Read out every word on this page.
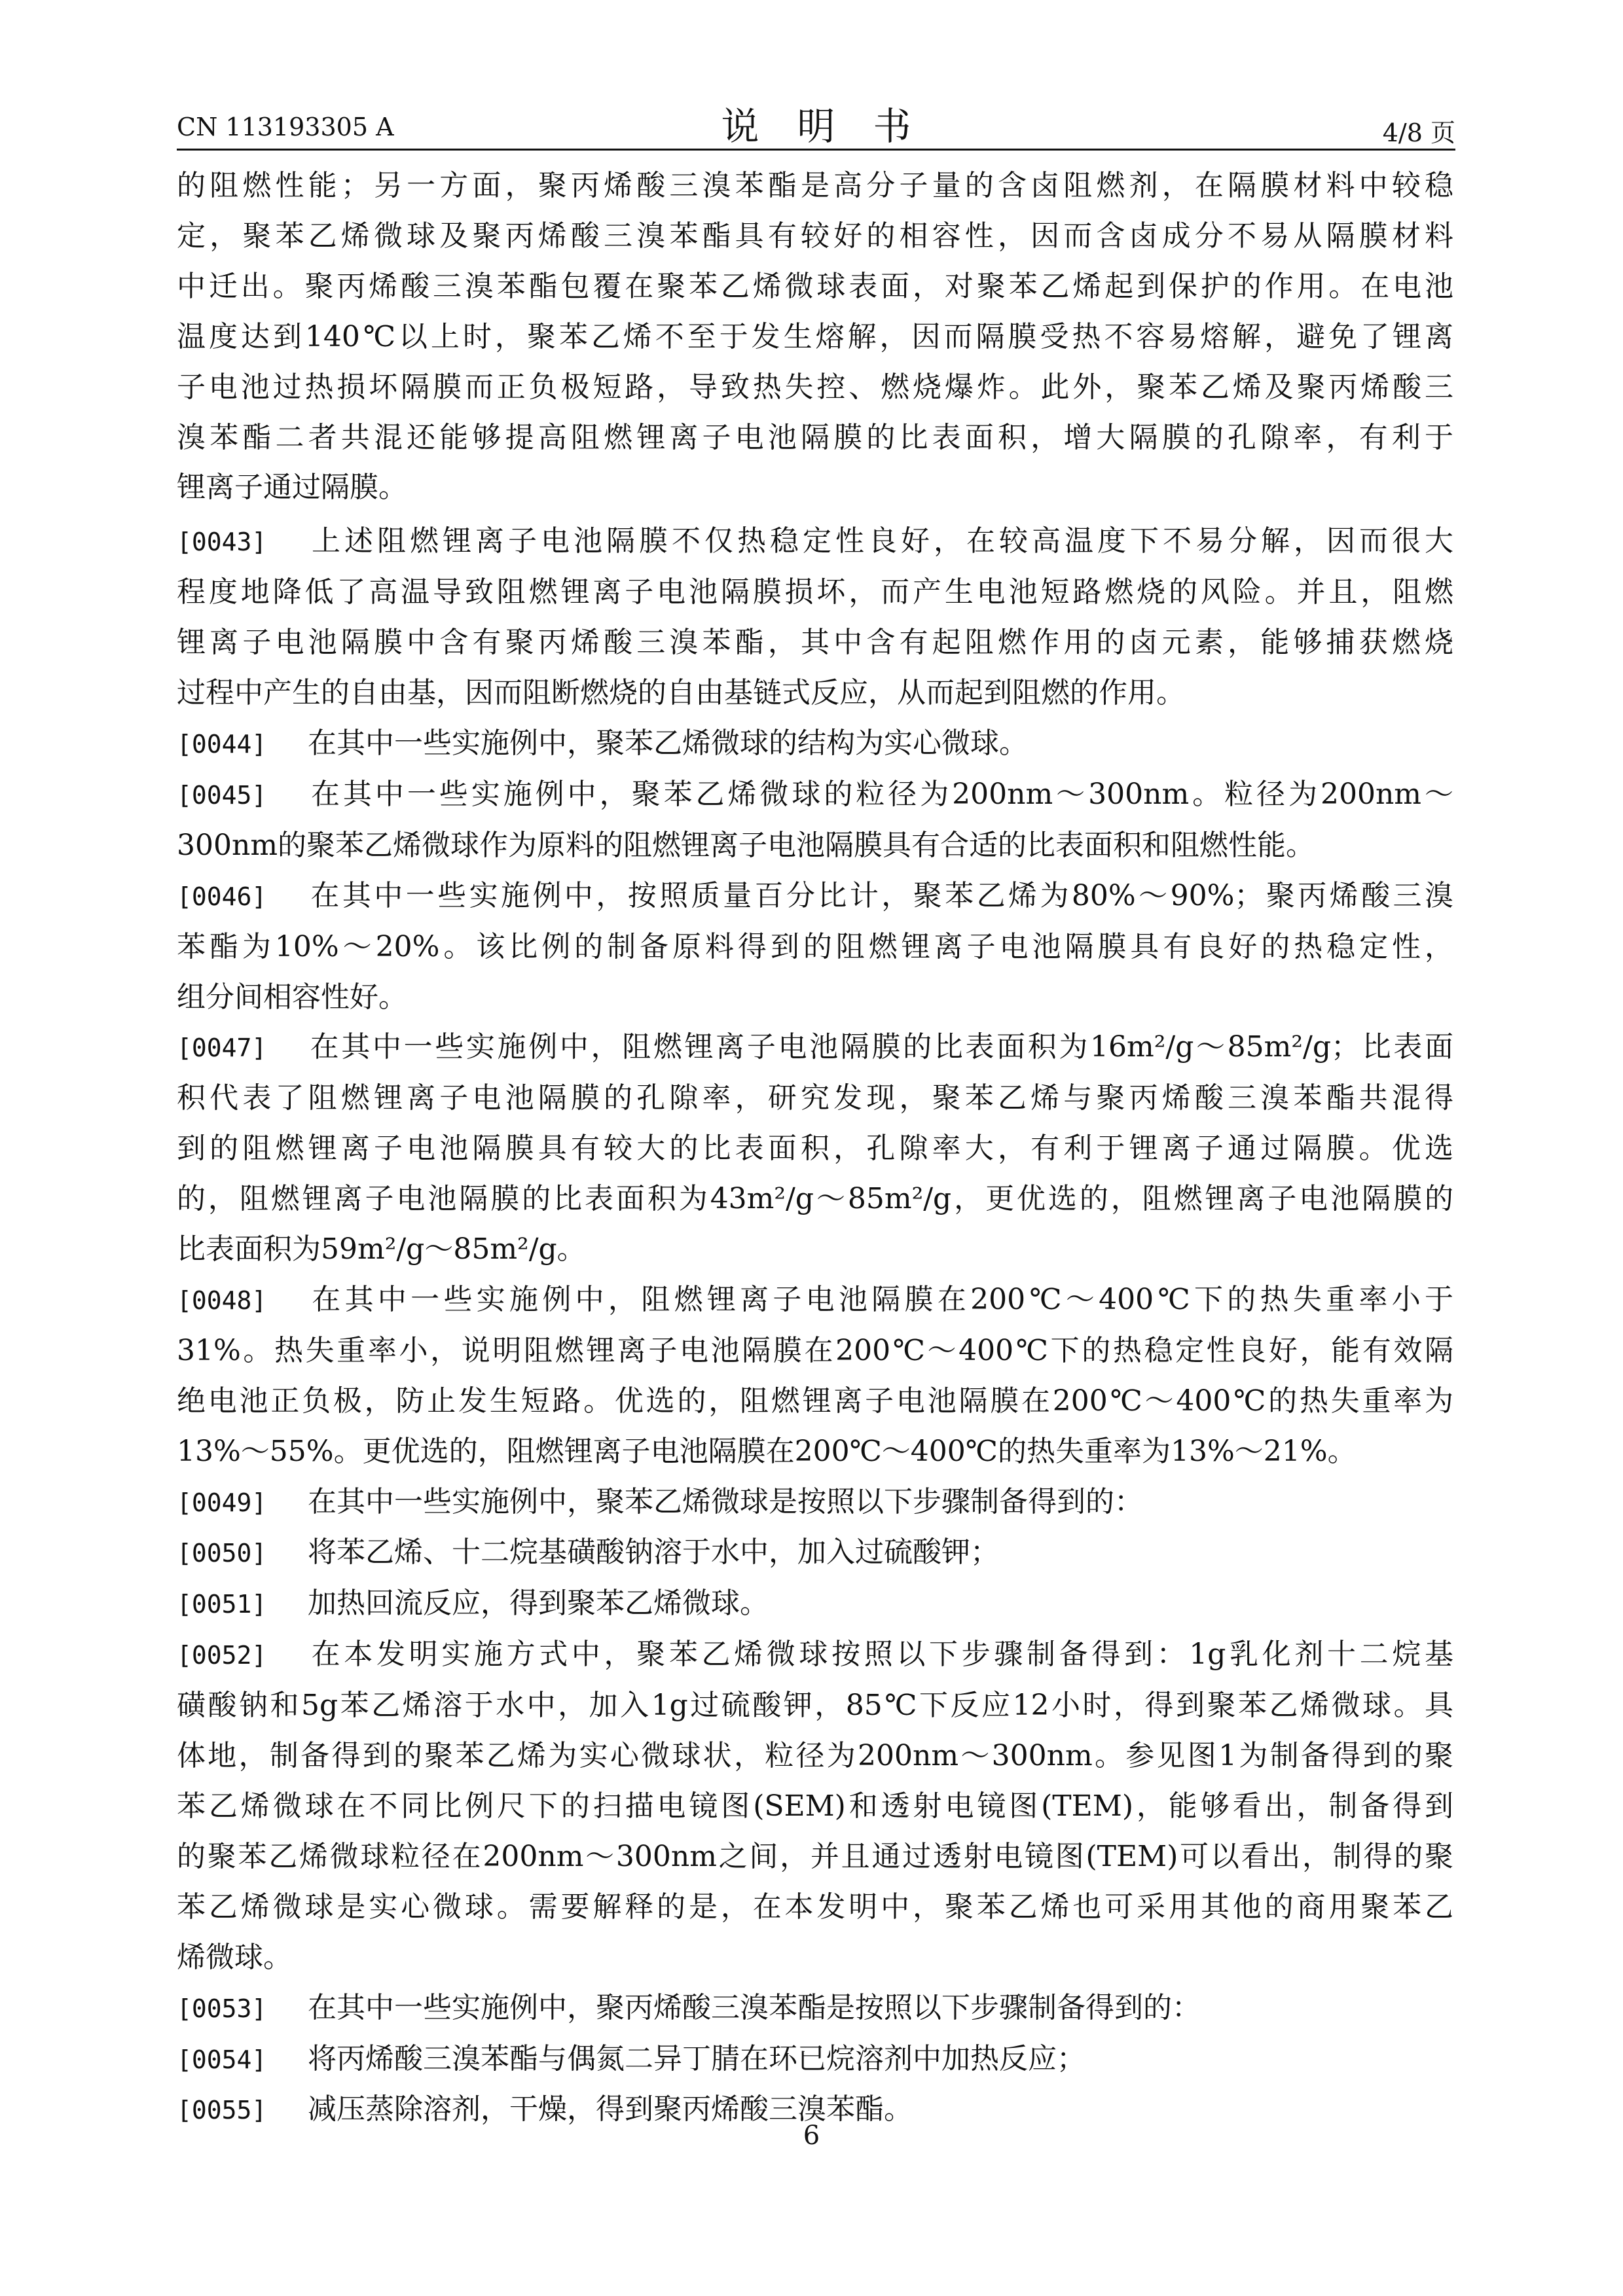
CN 113193305 A	说明书	4/8 页
的阻燃性能；另一方面，聚丙烯酸三溴苯酯是高分子量的含卤阻燃剂，在隔膜材料中较稳
定，聚苯乙烯微球及聚丙烯酸三溴苯酯具有较好的相容性，因而含卤成分不易从隔膜材料
中迁出。聚丙烯酸三溴苯酯包覆在聚苯乙烯微球表面，对聚苯乙烯起到保护的作用。在电池
温度达到140℃以上时，聚苯乙烯不至于发生熔解，因而隔膜受热不容易熔解，避免了锂离
子电池过热损坏隔膜而正负极短路，导致热失控、燃烧爆炸。此外，聚苯乙烯及聚丙烯酸三
溴苯酯二者共混还能够提高阻燃锂离子电池隔膜的比表面积，增大隔膜的孔隙率，有利于
锂离子通过隔膜。
[0043] 上述阻燃锂离子电池隔膜不仅热稳定性良好，在较高温度下不易分解，因而很大
程度地降低了高温导致阻燃锂离子电池隔膜损坏，而产生电池短路燃烧的风险。并且，阻燃
锂离子电池隔膜中含有聚丙烯酸三溴苯酯，其中含有起阻燃作用的卤元素，能够捕获燃烧
过程中产生的自由基，因而阻断燃烧的自由基链式反应，从而起到阻燃的作用。
[0044] 在其中一些实施例中，聚苯乙烯微球的结构为实心微球。
[0045] 在其中一些实施例中，聚苯乙烯微球的粒径为200nm～300nm。粒径为200nm～
300nm的聚苯乙烯微球作为原料的阻燃锂离子电池隔膜具有合适的比表面积和阻燃性能。
[0046] 在其中一些实施例中，按照质量百分比计，聚苯乙烯为80%～90%；聚丙烯酸三溴
苯酯为10%～20%。该比例的制备原料得到的阻燃锂离子电池隔膜具有良好的热稳定性，
组分间相容性好。
[0047] 在其中一些实施例中，阻燃锂离子电池隔膜的比表面积为16m²/g～85m²/g；比表面
积代表了阻燃锂离子电池隔膜的孔隙率，研究发现，聚苯乙烯与聚丙烯酸三溴苯酯共混得
到的阻燃锂离子电池隔膜具有较大的比表面积，孔隙率大，有利于锂离子通过隔膜。优选
的，阻燃锂离子电池隔膜的比表面积为43m²/g～85m²/g，更优选的，阻燃锂离子电池隔膜的
比表面积为59m²/g～85m²/g。
[0048] 在其中一些实施例中，阻燃锂离子电池隔膜在200℃～400℃下的热失重率小于
31%。热失重率小，说明阻燃锂离子电池隔膜在200℃～400℃下的热稳定性良好，能有效隔
绝电池正负极，防止发生短路。优选的，阻燃锂离子电池隔膜在200℃～400℃的热失重率为
13%～55%。更优选的，阻燃锂离子电池隔膜在200℃～400℃的热失重率为13%～21%。
[0049] 在其中一些实施例中，聚苯乙烯微球是按照以下步骤制备得到的：
[0050] 将苯乙烯、十二烷基磺酸钠溶于水中，加入过硫酸钾；
[0051] 加热回流反应，得到聚苯乙烯微球。
[0052] 在本发明实施方式中，聚苯乙烯微球按照以下步骤制备得到：1g乳化剂十二烷基
磺酸钠和5g苯乙烯溶于水中，加入1g过硫酸钾，85℃下反应12小时，得到聚苯乙烯微球。具
体地，制备得到的聚苯乙烯为实心微球状，粒径为200nm～300nm。参见图1为制备得到的聚
苯乙烯微球在不同比例尺下的扫描电镜图(SEM)和透射电镜图(TEM)，能够看出，制备得到
的聚苯乙烯微球粒径在200nm～300nm之间，并且通过透射电镜图(TEM)可以看出，制得的聚
苯乙烯微球是实心微球。需要解释的是，在本发明中，聚苯乙烯也可采用其他的商用聚苯乙
烯微球。
[0053] 在其中一些实施例中，聚丙烯酸三溴苯酯是按照以下步骤制备得到的：
[0054] 将丙烯酸三溴苯酯与偶氮二异丁腈在环已烷溶剂中加热反应；
[0055] 减压蒸除溶剂，干燥，得到聚丙烯酸三溴苯酯。
6
